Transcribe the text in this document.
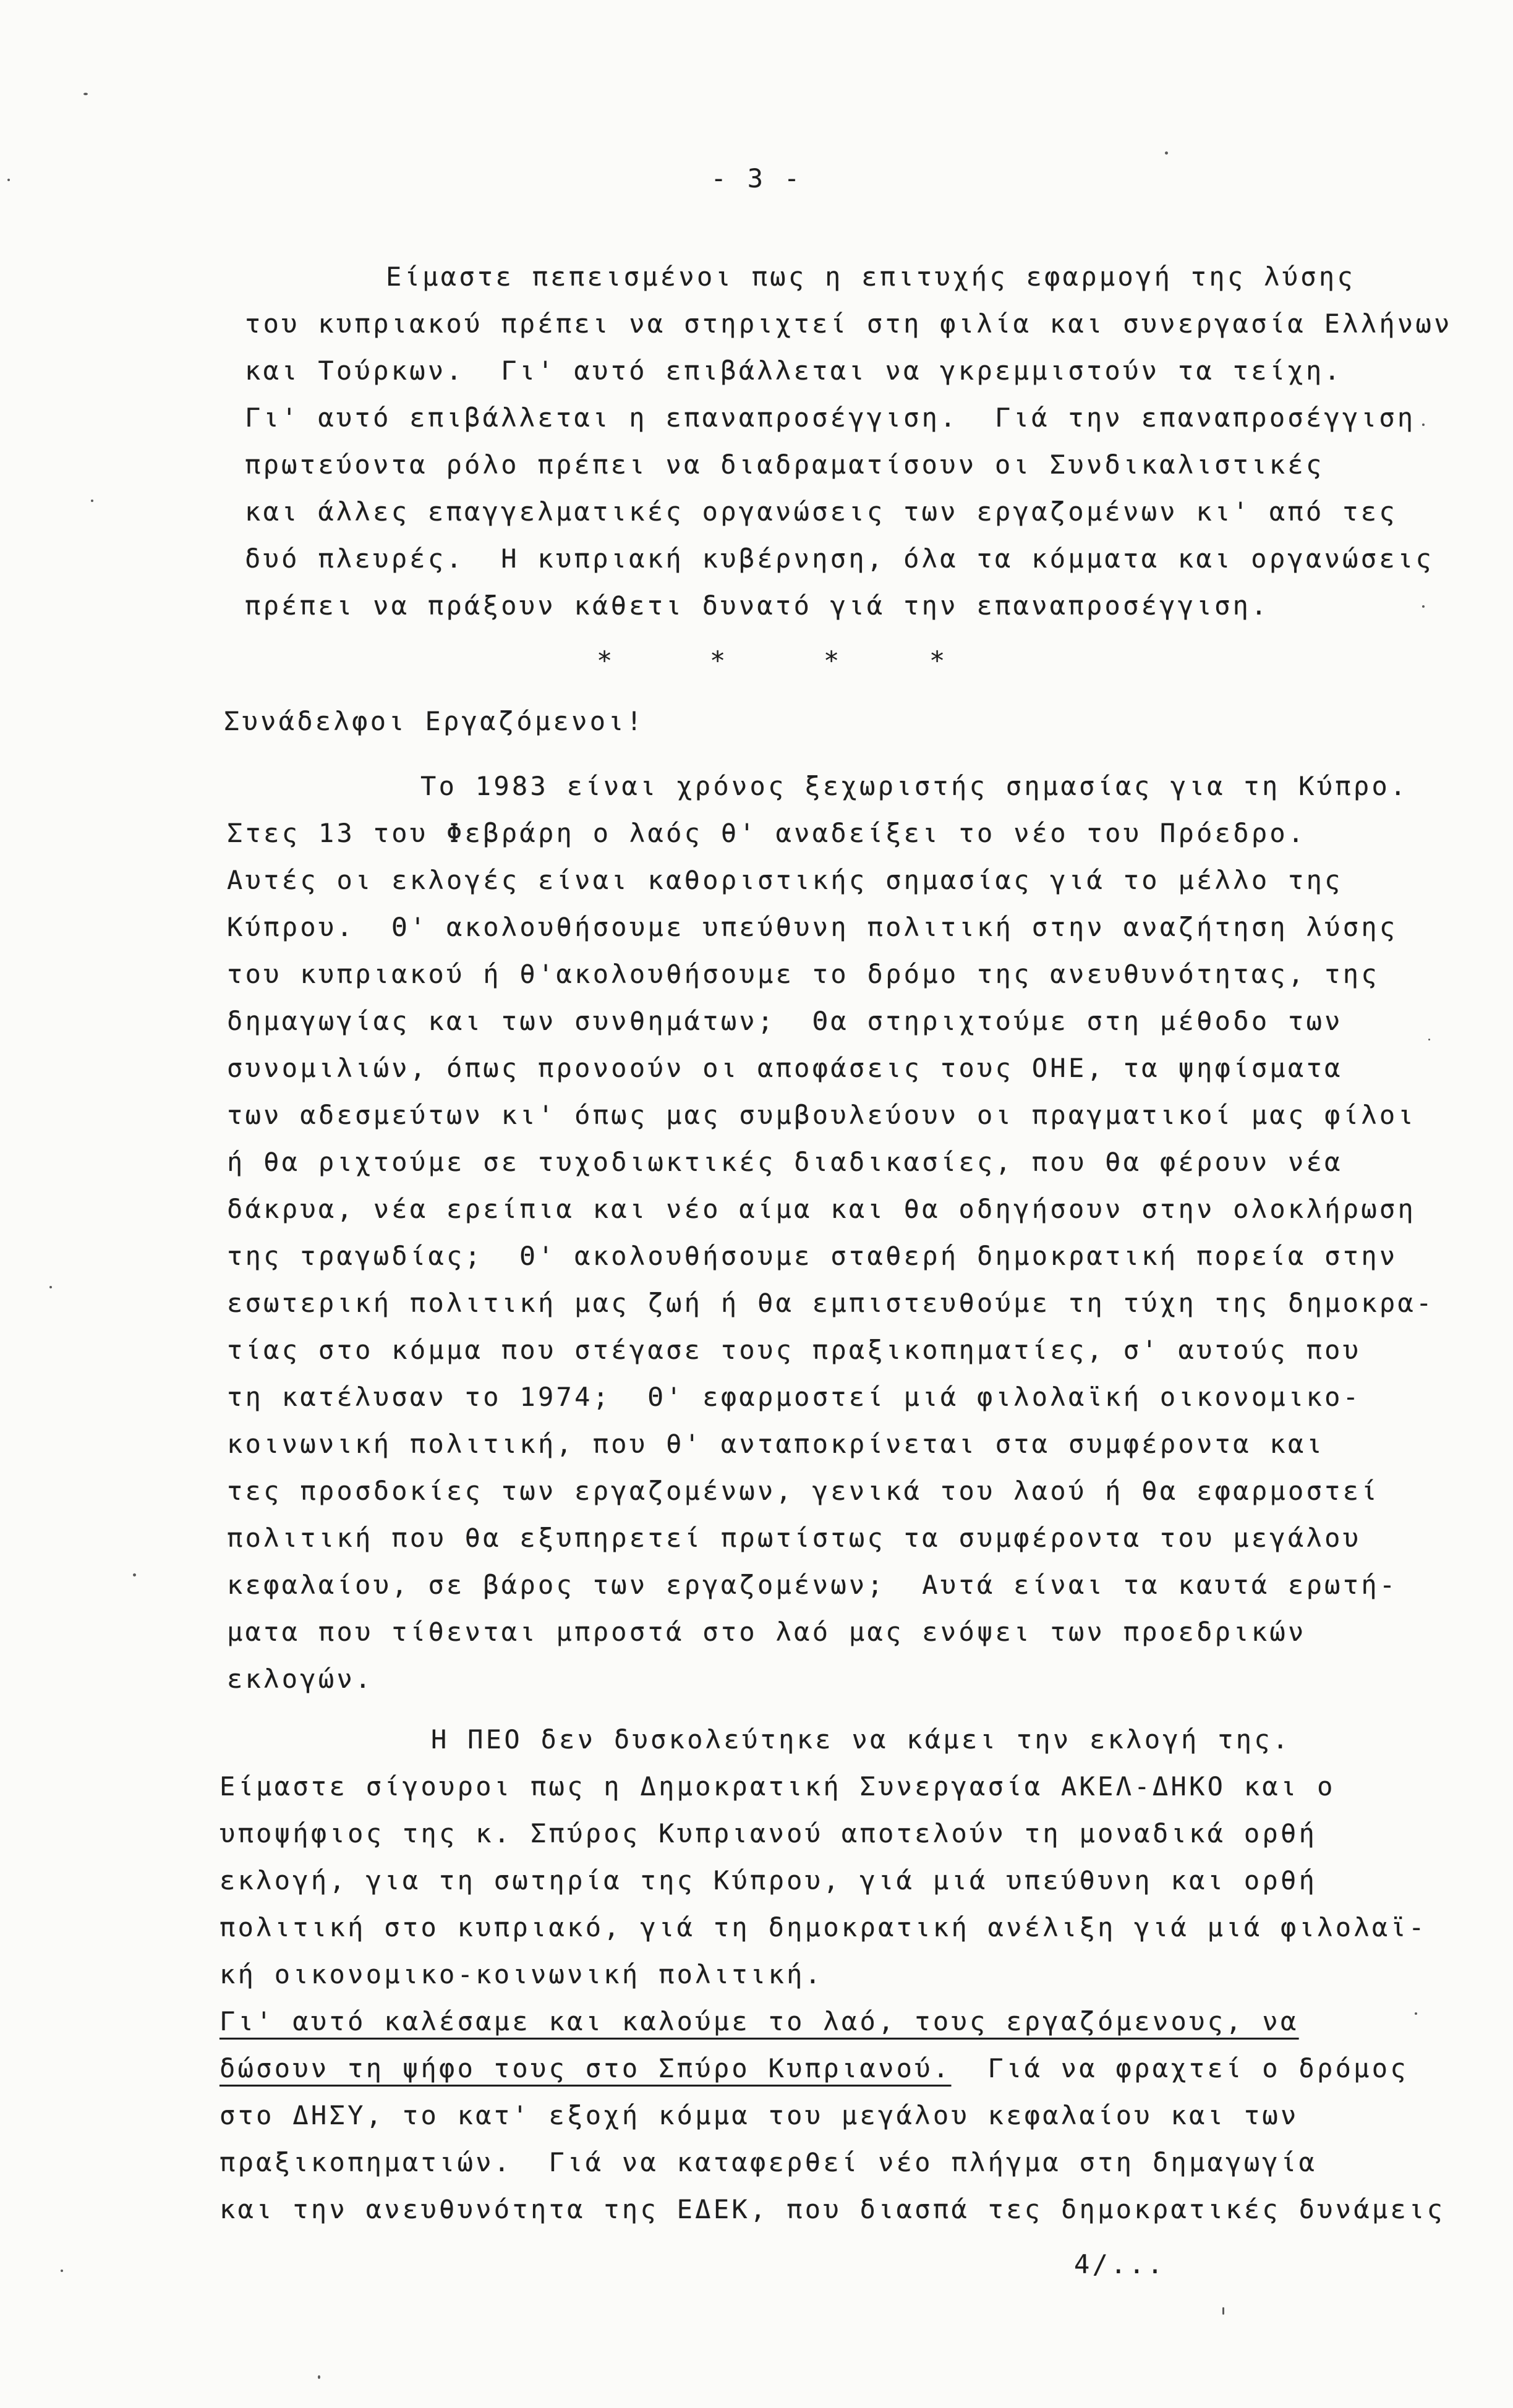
- 3 -
Είμαστε πεπεισμένοι πως η επιτυχής εφαρμογή της λύσης
του κυπριακού πρέπει να στηριχτεί στη φιλία και συνεργασία Ελλήνων
και Τούρκων.  Γι' αυτό επιβάλλεται να γκρεμμιστούν τα τείχη.
Γι' αυτό επιβάλλεται η επαναπροσέγγιση.  Γιά την επαναπροσέγγιση
πρωτεύοντα ρόλο πρέπει να διαδραματίσουν οι Συνδικαλιστικές
και άλλες επαγγελματικές οργανώσεις των εργαζομένων κι' από τες
δυό πλευρές.  Η κυπριακή κυβέρνηση, όλα τα κόμματα και οργανώσεις
πρέπει να πράξουν κάθετι δυνατό γιά την επαναπροσέγγιση.
*	*	*	*
Συνάδελφοι Εργαζόμενοι!
Το 1983 είναι χρόνος ξεχωριστής σημασίας για τη Κύπρο.
Στες 13 του Φεβράρη ο λαός θ' αναδείξει το νέο του Πρόεδρο.
Αυτές οι εκλογές είναι καθοριστικής σημασίας γιά το μέλλο της
Κύπρου.  Θ' ακολουθήσουμε υπεύθυνη πολιτική στην αναζήτηση λύσης
του κυπριακού ή θ'ακολουθήσουμε το δρόμο της ανευθυνότητας, της
δημαγωγίας και των συνθημάτων;  Θα στηριχτούμε στη μέθοδο των
συνομιλιών, όπως προνοούν οι αποφάσεις τους ΟΗΕ, τα ψηφίσματα
των αδεσμεύτων κι' όπως μας συμβουλεύουν οι πραγματικοί μας φίλοι
ή θα ριχτούμε σε τυχοδιωκτικές διαδικασίες, που θα φέρουν νέα
δάκρυα, νέα ερείπια και νέο αίμα και θα οδηγήσουν στην ολοκλήρωση
της τραγωδίας;  Θ' ακολουθήσουμε σταθερή δημοκρατική πορεία στην
εσωτερική πολιτική μας ζωή ή θα εμπιστευθούμε τη τύχη της δημοκρα-
τίας στο κόμμα που στέγασε τους πραξικοπηματίες, σ' αυτούς που
τη κατέλυσαν το 1974;  Θ' εφαρμοστεί μιά φιλολαϊκή οικονομικο-
κοινωνική πολιτική, που θ' ανταποκρίνεται στα συμφέροντα και
τες προσδοκίες των εργαζομένων, γενικά του λαού ή θα εφαρμοστεί
πολιτική που θα εξυπηρετεί πρωτίστως τα συμφέροντα του μεγάλου
κεφαλαίου, σε βάρος των εργαζομένων;  Αυτά είναι τα καυτά ερωτή-
ματα που τίθενται μπροστά στο λαό μας ενόψει των προεδρικών
εκλογών.
Η ΠΕΟ δεν δυσκολεύτηκε να κάμει την εκλογή της.
Είμαστε σίγουροι πως η Δημοκρατική Συνεργασία ΑΚΕΛ-ΔΗΚΟ και ο
υποψήφιος της κ. Σπύρος Κυπριανού αποτελούν τη μοναδικά ορθή
εκλογή, για τη σωτηρία της Κύπρου, γιά μιά υπεύθυνη και ορθή
πολιτική στο κυπριακό, γιά τη δημοκρατική ανέλιξη γιά μιά φιλολαϊ-
κή οικονομικο-κοινωνική πολιτική.
Γι' αυτό καλέσαμε και καλούμε το λαό, τους εργαζόμενους, να
δώσουν τη ψήφο τους στο Σπύρο Κυπριανού. Γιά να φραχτεί ο δρόμος
στο ΔΗΣΥ, το κατ' εξοχή κόμμα του μεγάλου κεφαλαίου και των
πραξικοπηματιών.  Γιά να καταφερθεί νέο πλήγμα στη δημαγωγία
και την ανευθυνότητα της ΕΔΕΚ, που διασπά τες δημοκρατικές δυνάμεις
4/...
